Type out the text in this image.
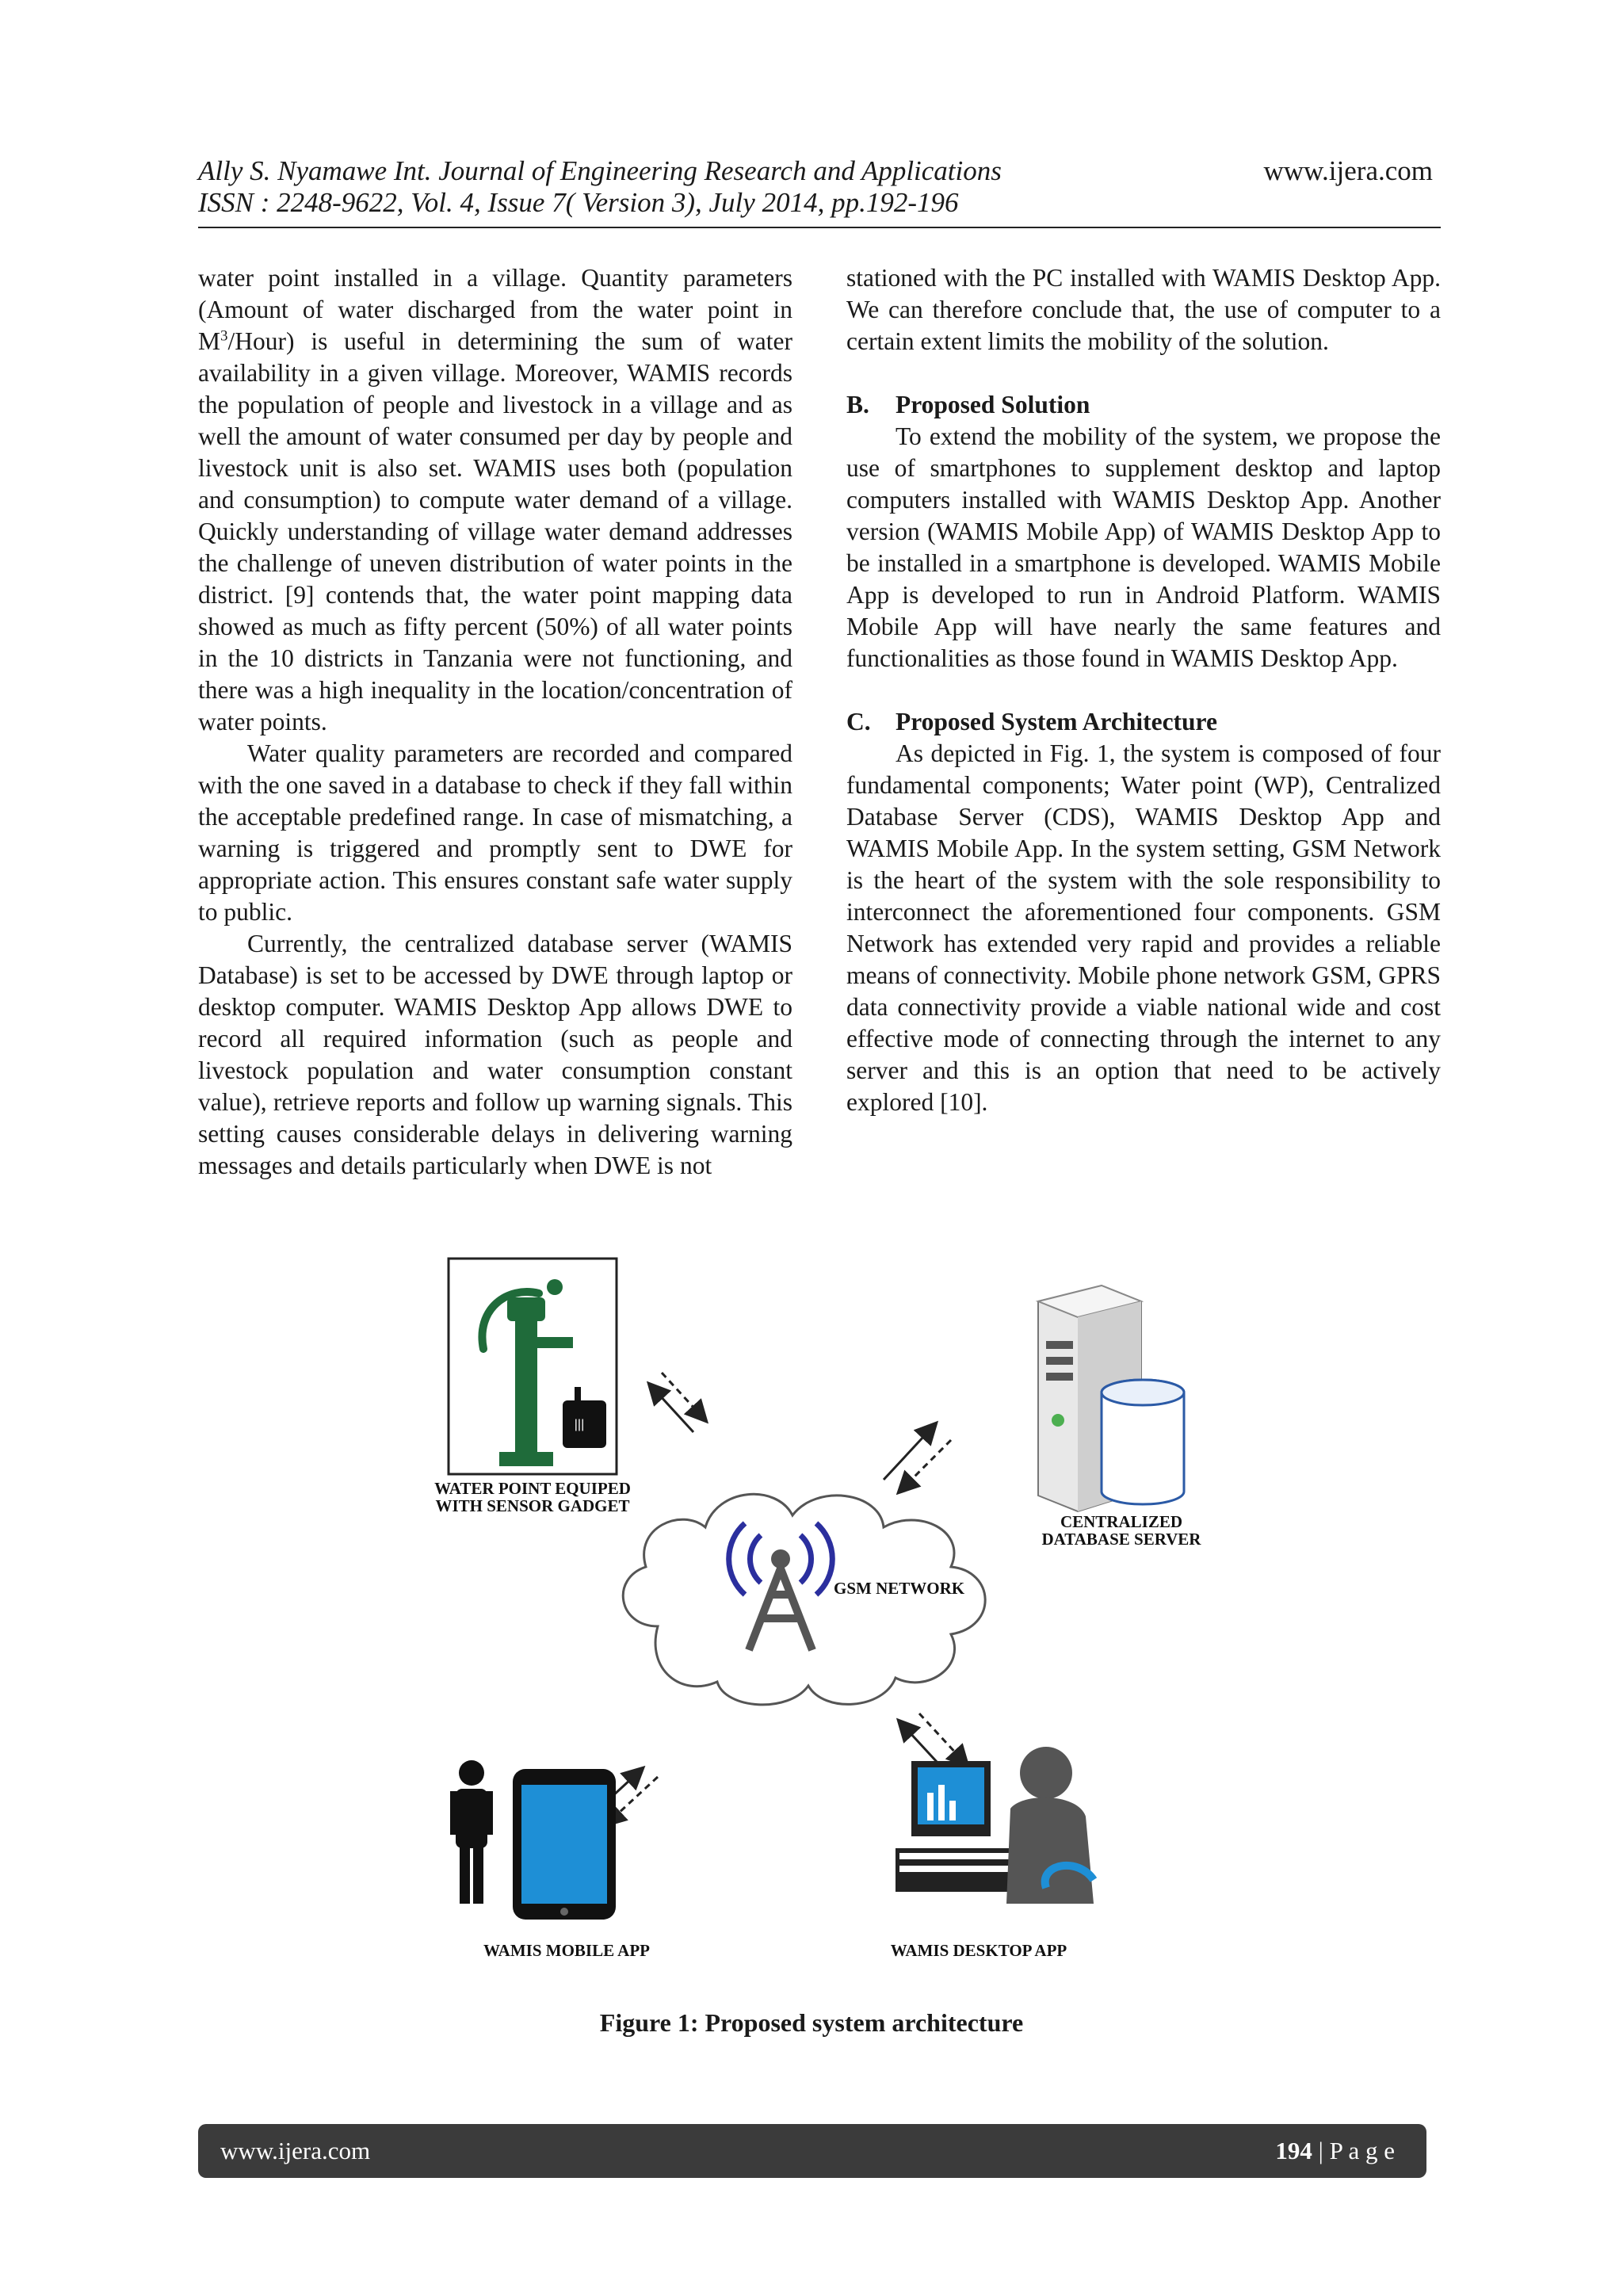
Ally S. Nyamawe Int. Journal of Engineering Research and Applications
ISSN : 2248-9622, Vol. 4, Issue 7( Version 3), July 2014, pp.192-196
www.ijera.com

water point installed in a village. Quantity parameters (Amount of water discharged from the water point in $M^3/Hour$) is useful in determining the sum of water availability in a given village. Moreover, WAMIS records the population of people and livestock in a village and as well the amount of water consumed per day by people and livestock unit is also set. WAMIS uses both (population and consumption) to compute water demand of a village. Quickly understanding of village water demand addresses the challenge of uneven distribution of water points in the district. [9] contends that, the water point mapping data showed as much as fifty percent (50%) of all water points in the 10 districts in Tanzania were not functioning, and there was a high inequality in the location/concentration of water points.

Water quality parameters are recorded and compared with the one saved in a database to check if they fall within the acceptable predefined range. In case of mismatching, a warning is triggered and promptly sent to DWE for appropriate action. This ensures constant safe water supply to public.

Currently, the centralized database server (WAMIS Database) is set to be accessed by DWE through laptop or desktop computer. WAMIS Desktop App allows DWE to record all required information (such as people and livestock population and water consumption constant value), retrieve reports and follow up warning signals. This setting causes considerable delays in delivering warning messages and details particularly when DWE is not

stationed with the PC installed with WAMIS Desktop App. We can therefore conclude that, the use of computer to a certain extent limits the mobility of the solution.

B. Proposed Solution

To extend the mobility of the system, we propose the use of smartphones to supplement desktop and laptop computers installed with WAMIS Desktop App. Another version (WAMIS Mobile App) of WAMIS Desktop App to be installed in a smartphone is developed. WAMIS Mobile App is developed to run in Android Platform. WAMIS Mobile App will have nearly the same features and functionalities as those found in WAMIS Desktop App.

C. Proposed System Architecture

As depicted in Fig. 1, the system is composed of four fundamental components; Water point (WP), Centralized Database Server (CDS), WAMIS Desktop App and WAMIS Mobile App. In the system setting, GSM Network is the heart of the system with the sole responsibility to interconnect the aforementioned four components. GSM Network has extended very rapid and provides a reliable means of connectivity. Mobile phone network GSM, GPRS data connectivity provide a viable national wide and cost effective mode of connecting through the internet to any server and this is an option that need to be actively explored [10].

|||
WATER POINT EQUIPED
WITH SENSOR GADGET
CENTRALIZED
DATABASE SERVER
GSM NETWORK
WAMIS MOBILE APP	WAMIS DESKTOP APP
Figure 1: Proposed system architecture
www.ijera.com	194 | P a g e
